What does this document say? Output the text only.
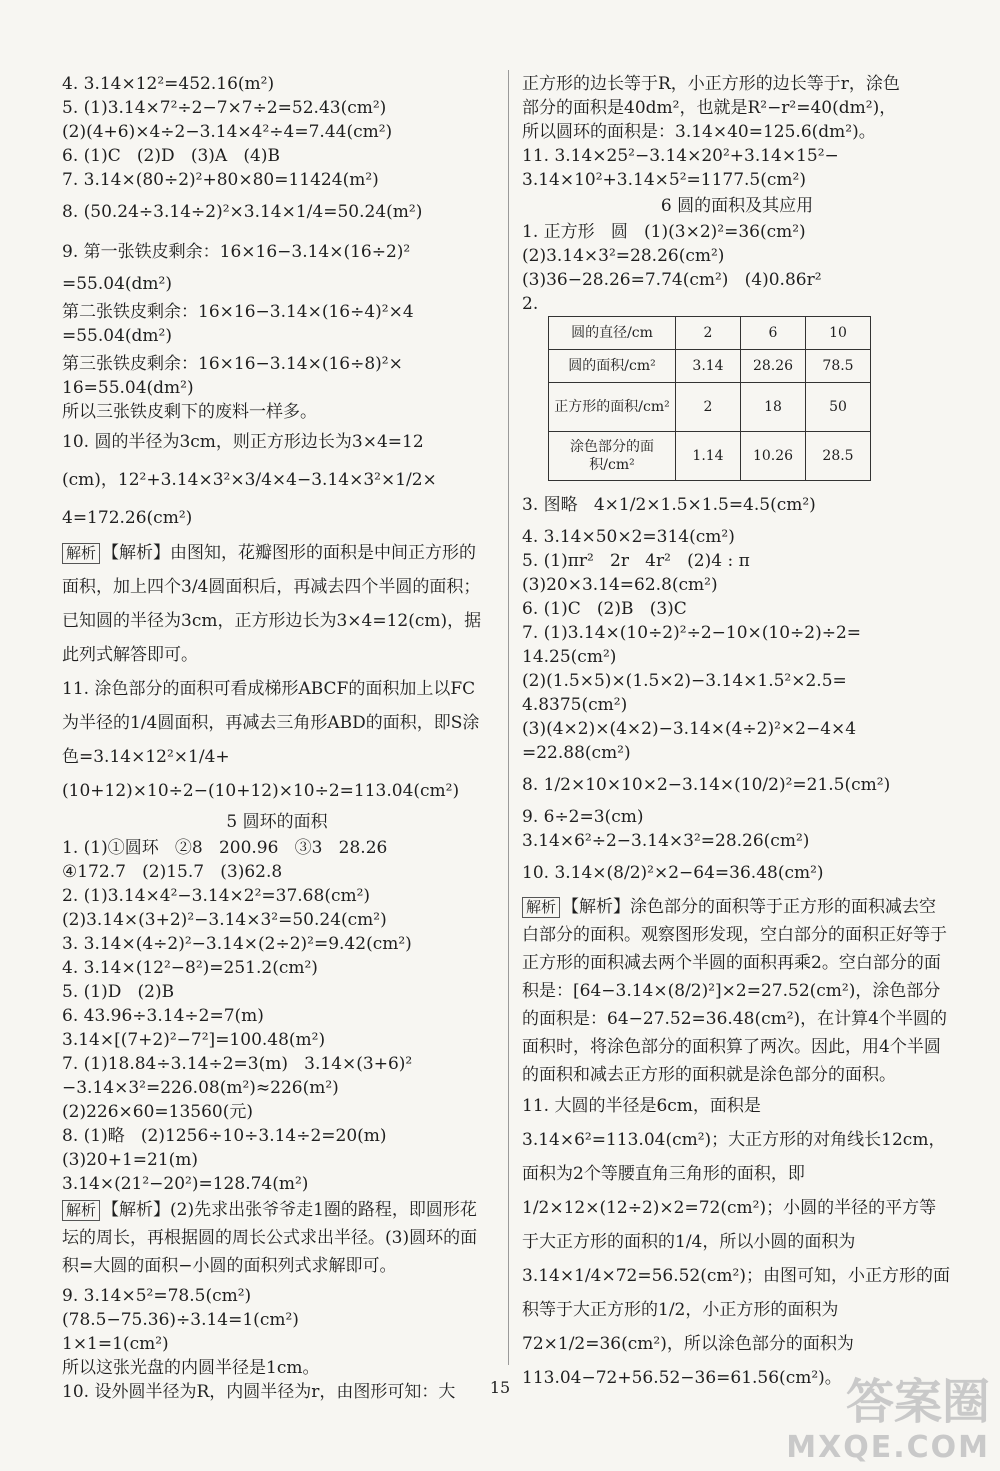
4. 3.14×12²=452.16(m²)
5. (1)3.14×7²÷2−7×7÷2=52.43(cm²)
(2)(4+6)×4÷2−3.14×4²÷4=7.44(cm²)
6. (1)C   (2)D   (3)A   (4)B
7. 3.14×(80÷2)²+80×80=11424(m²)
8. (50.24÷3.14÷2)²×3.14×1/4=50.24(m²)
9. 第一张铁皮剩余：16×16−3.14×(16÷2)²
=55.04(dm²)
第二张铁皮剩余：16×16−3.14×(16÷4)²×4
=55.04(dm²)
第三张铁皮剩余：16×16−3.14×(16÷8)²×
16=55.04(dm²)
所以三张铁皮剩下的废料一样多。
10. 圆的半径为3cm，则正方形边长为3×4=12
(cm)，12²+3.14×3²×3/4×4−3.14×3²×1/2×
4=172.26(cm²)
解析 【解析】由图知，花瓣图形的面积是中间正方形的面积，加上四个3/4圆面积后，再减去四个半圆的面积；已知圆的半径为3cm，正方形边长为3×4=12(cm)，据此列式解答即可。
11. 涂色部分的面积可看成梯形ABCF的面积加上以FC为半径的1/4圆面积，再减去三角形ABD的面积，即S涂色=3.14×12²×1/4+(10+12)×10÷2−(10+12)×10÷2=113.04(cm²)
5 圆环的面积
1. (1)①圆环   ②8   200.96   ③3   28.26
④172.7   (2)15.7   (3)62.8
2. (1)3.14×4²−3.14×2²=37.68(cm²)
(2)3.14×(3+2)²−3.14×3²=50.24(cm²)
3. 3.14×(4÷2)²−3.14×(2÷2)²=9.42(cm²)
4. 3.14×(12²−8²)=251.2(cm²)
5. (1)D   (2)B
6. 43.96÷3.14÷2=7(m)
3.14×[(7+2)²−7²]=100.48(m²)
7. (1)18.84÷3.14÷2=3(m)   3.14×(3+6)²
−3.14×3²=226.08(m²)≈226(m²)
(2)226×60=13560(元)
8. (1)略   (2)1256÷10÷3.14÷2=20(m)
(3)20+1=21(m)
3.14×(21²−20²)=128.74(m²)
解析 【解析】(2)先求出张爷爷走1圈的路程，即圆形花坛的周长，再根据圆的周长公式求出半径。(3)圆环的面积=大圆的面积−小圆的面积列式求解即可。
9. 3.14×5²=78.5(cm²)
(78.5−75.36)÷3.14=1(cm²)
1×1=1(cm²)
所以这张光盘的内圆半径是1cm。
10. 设外圆半径为R，内圆半径为r，由图形可知：大
正方形的边长等于R，小正方形的边长等于r，涂色
部分的面积是40dm²，也就是R²−r²=40(dm²)，
所以圆环的面积是：3.14×40=125.6(dm²)。
11. 3.14×25²−3.14×20²+3.14×15²−
3.14×10²+3.14×5²=1177.5(cm²)
6 圆的面积及其应用
1. 正方形   圆   (1)(3×2)²=36(cm²)
(2)3.14×3²=28.26(cm²)
(3)36−28.26=7.74(cm²)   (4)0.86r²
2.
圆的直径/cm	2	6	10
圆的面积/cm²	3.14	28.26	78.5
正方形的面积/cm²	2	18	50
涂色部分的面积/cm²	1.14	10.26	28.5
3. 图略   4×1/2×1.5×1.5=4.5(cm²)
4. 3.14×50×2=314(cm²)
5. (1)πr²   2r   4r²   (2)4 : π
(3)20×3.14=62.8(cm²)
6. (1)C   (2)B   (3)C
7. (1)3.14×(10÷2)²÷2−10×(10÷2)÷2=
14.25(cm²)
(2)(1.5×5)×(1.5×2)−3.14×1.5²×2.5=
4.8375(cm²)
(3)(4×2)×(4×2)−3.14×(4÷2)²×2−4×4
=22.88(cm²)
8. 1/2×10×10×2−3.14×(10/2)²=21.5(cm²)
9. 6÷2=3(cm)
3.14×6²÷2−3.14×3²=28.26(cm²)
10. 3.14×(8/2)²×2−64=36.48(cm²)
解析 【解析】涂色部分的面积等于正方形的面积减去空白部分的面积。观察图形发现，空白部分的面积正好等于正方形的面积减去两个半圆的面积再乘2。空白部分的面积是：[64−3.14×(8/2)²]×2=27.52(cm²)，涂色部分的面积是：64−27.52=36.48(cm²)，在计算4个半圆的面积时，将涂色部分的面积算了两次。因此，用4个半圆的面积和减去正方形的面积就是涂色部分的面积。
11. 大圆的半径是6cm，面积是3.14×6²=113.04(cm²)；大正方形的对角线长12cm，面积为2个等腰直角三角形的面积，即1/2×12×(12÷2)×2=72(cm²)；小圆的半径的平方等于大正方形的面积的1/4，所以小圆的面积为3.14×1/4×72=56.52(cm²)；由图可知，小正方形的面积等于大正方形的1/2，小正方形的面积为72×1/2=36(cm²)，所以涂色部分的面积为113.04−72+56.52−36=61.56(cm²)。
15	答案圈
MXQE.COM
